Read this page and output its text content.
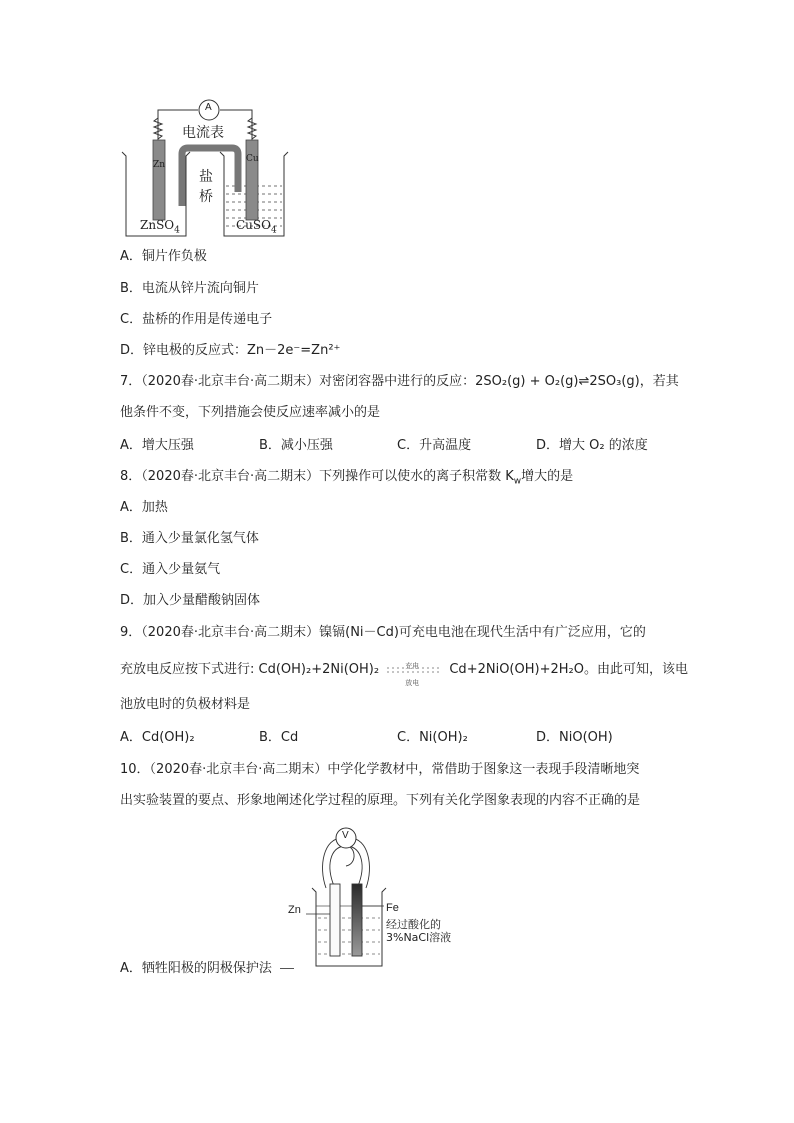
A
电流表
Zn
Cu
盐
桥
ZnSO$_4$	CuSO$_4$
A．铜片作负极
B．电流从锌片流向铜片
C．盐桥的作用是传递电子
D．锌电极的反应式：Zn－2e⁻=Zn²⁺
7．（2020春·北京丰台·高二期末）对密闭容器中进行的反应：2SO₂(g) + O₂(g)⇌2SO₃(g)，若其
他条件不变，下列措施会使反应速率减小的是
A．增大压强	B．减小压强	C．升高温度	D．增大 O₂ 的浓度
8．（2020春·北京丰台·高二期末）下列操作可以使水的离子积常数 $K_w$增大的是
A．加热
B．通入少量氯化氢气体
C．通入少量氨气
D．加入少量醋酸钠固体
9．（2020春·北京丰台·高二期末）镍镉(Ni－Cd)可充电电池在现代生活中有广泛应用，它的
充放电反应按下式进行: Cd(OH)₂+2Ni(OH)₂	充电
放电
Cd+2NiO(OH)+2H₂O。由此可知，该电
池放电时的负极材料是
A．Cd(OH)₂	B．Cd	C．Ni(OH)₂	D．NiO(OH)
10．（2020春·北京丰台·高二期末）中学化学教材中，常借助于图象这一表现手段清晰地突
出实验装置的要点、形象地阐述化学过程的原理。下列有关化学图象表现的内容不正确的是
V
Zn	Fe
经过酸化的
3%NaCl溶液
A．牺牲阳极的阴极保护法
